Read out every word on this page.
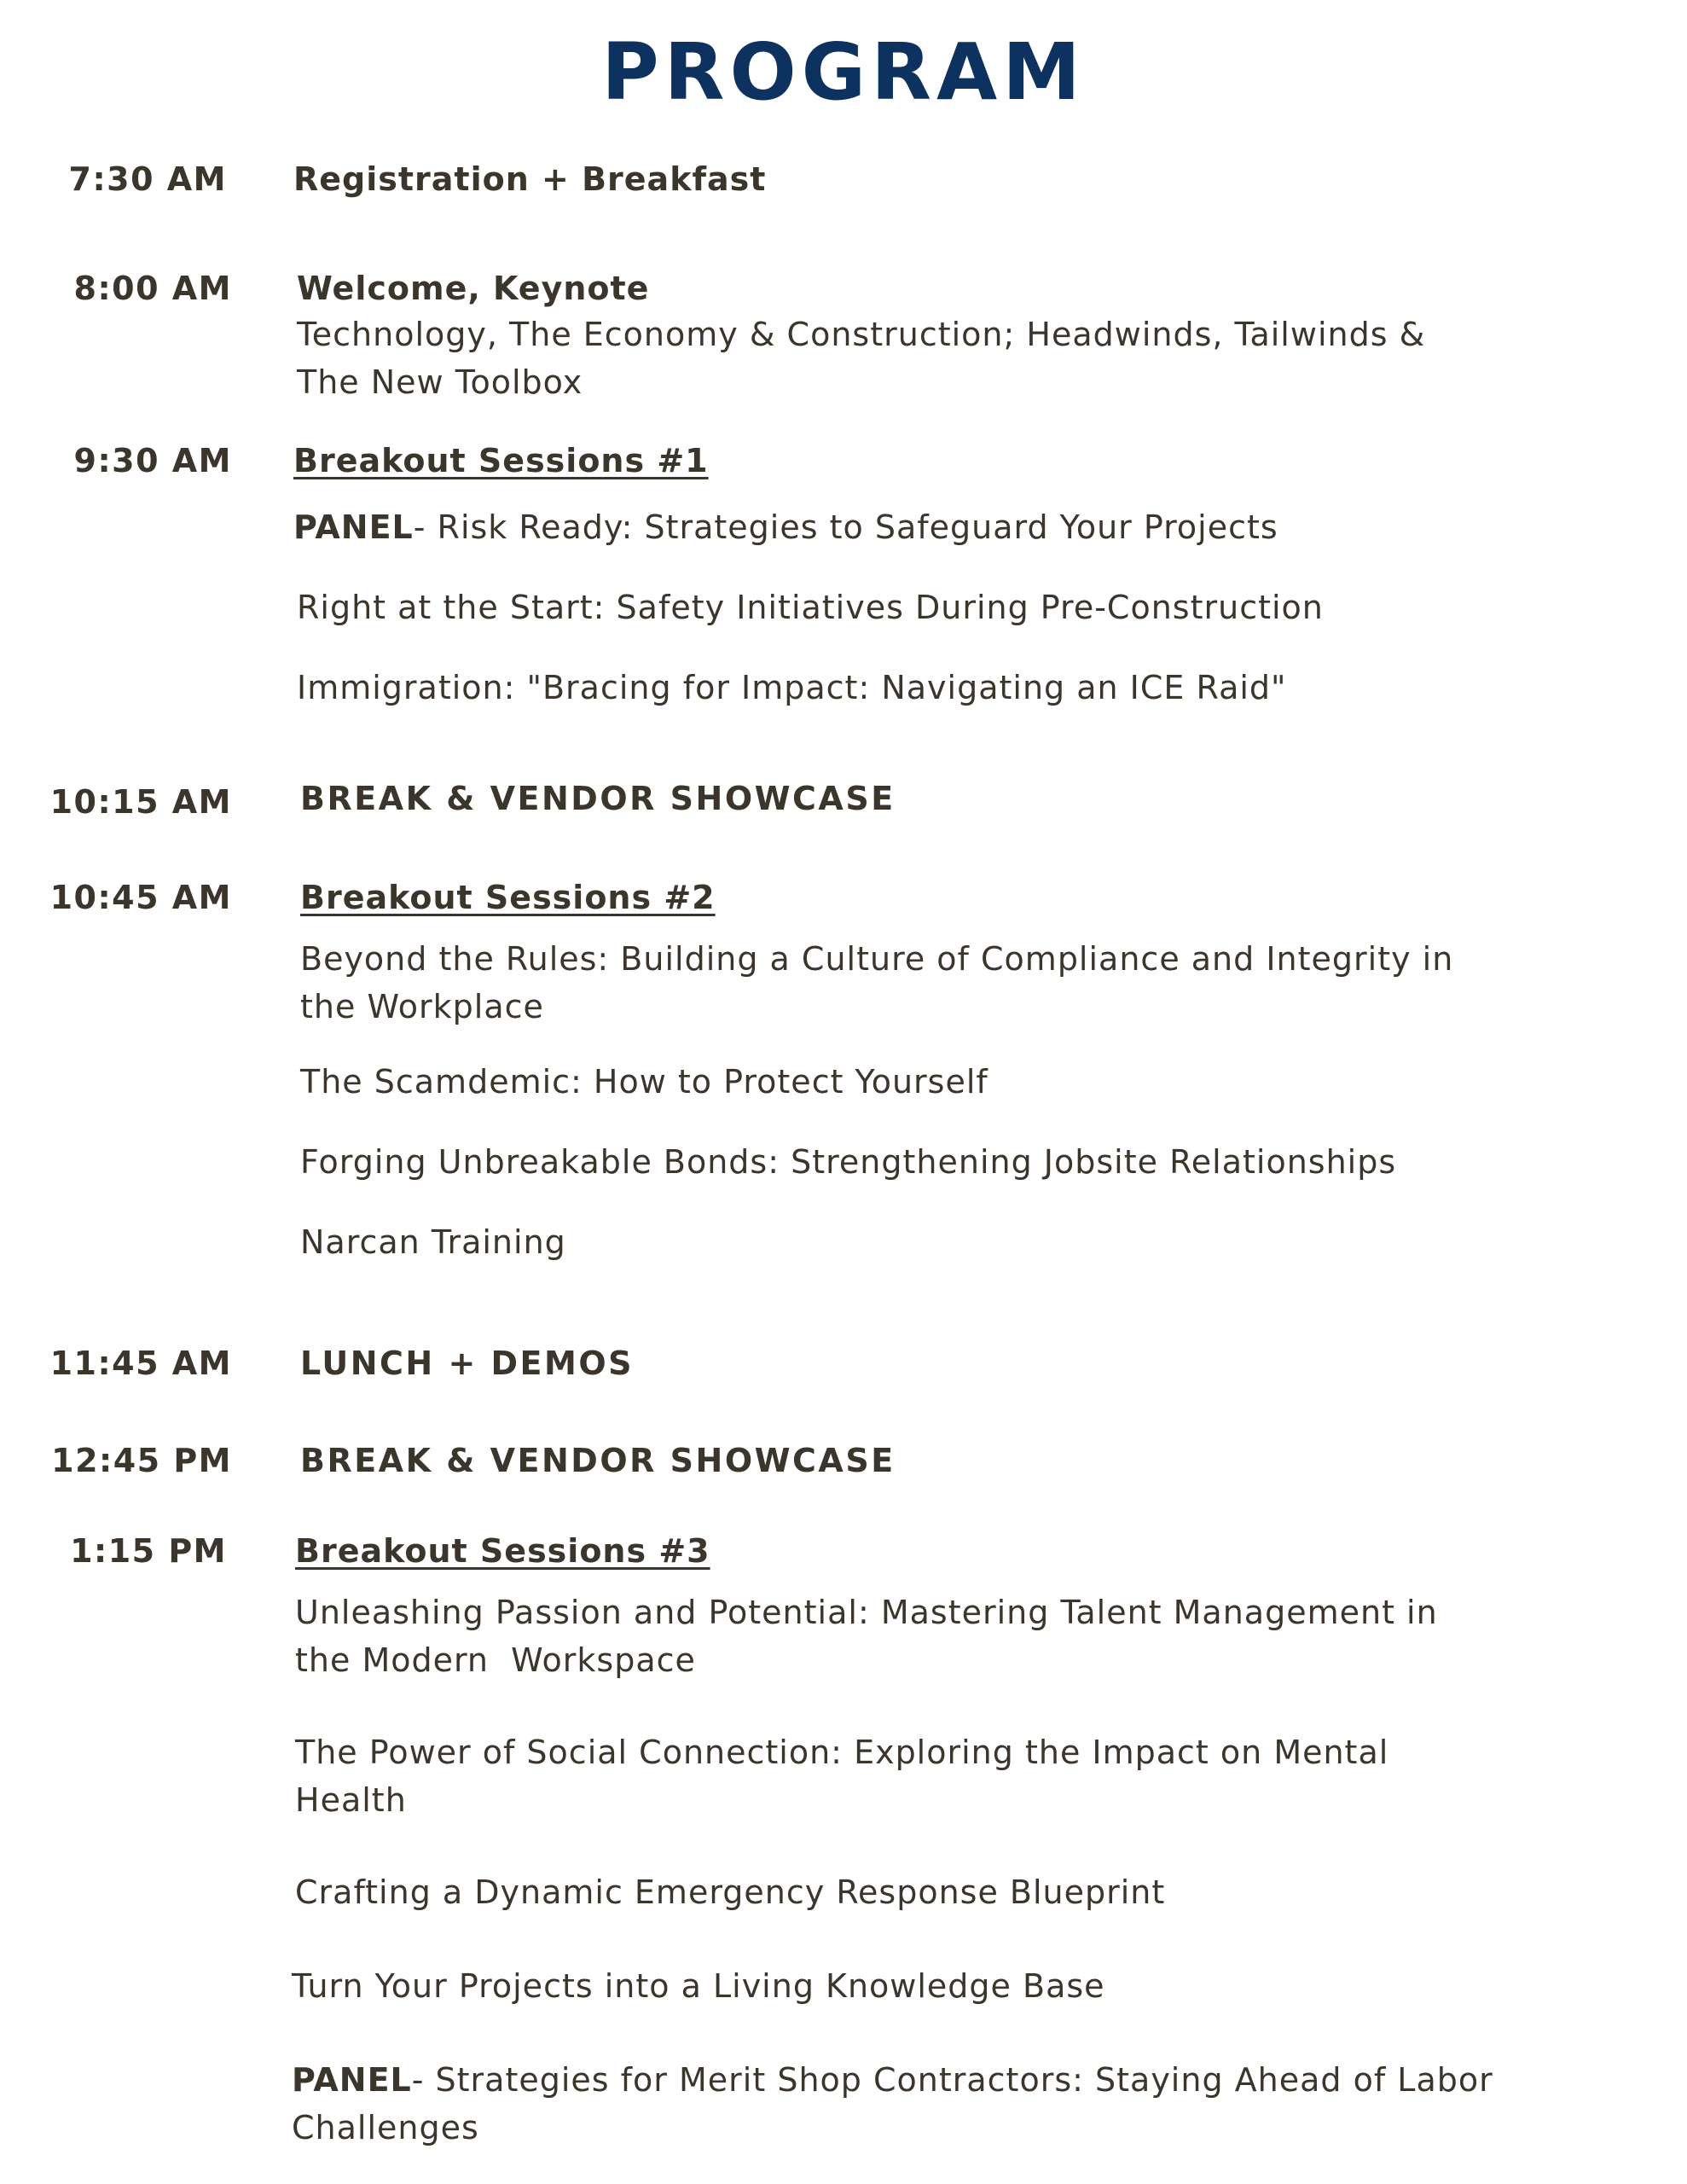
PROGRAM
7:30 AM Registration + Breakfast
8:00 AM Welcome, Keynote
Technology, The Economy & Construction; Headwinds, Tailwinds &
The New Toolbox
9:30 AM Breakout Sessions #1
PANEL- Risk Ready: Strategies to Safeguard Your Projects
Right at the Start: Safety Initiatives During Pre-Construction
Immigration: "Bracing for Impact: Navigating an ICE Raid"
10:15 AM BREAK & VENDOR SHOWCASE
10:45 AM Breakout Sessions #2
Beyond the Rules: Building a Culture of Compliance and Integrity in
the Workplace
The Scamdemic: How to Protect Yourself
Forging Unbreakable Bonds: Strengthening Jobsite Relationships
Narcan Training
11:45 AM LUNCH + DEMOS
12:45 PM BREAK & VENDOR SHOWCASE
1:15 PM Breakout Sessions #3
Unleashing Passion and Potential: Mastering Talent Management in
the Modern  Workspace
The Power of Social Connection: Exploring the Impact on Mental
Health
Crafting a Dynamic Emergency Response Blueprint
Turn Your Projects into a Living Knowledge Base
PANEL- Strategies for Merit Shop Contractors: Staying Ahead of Labor
Challenges
